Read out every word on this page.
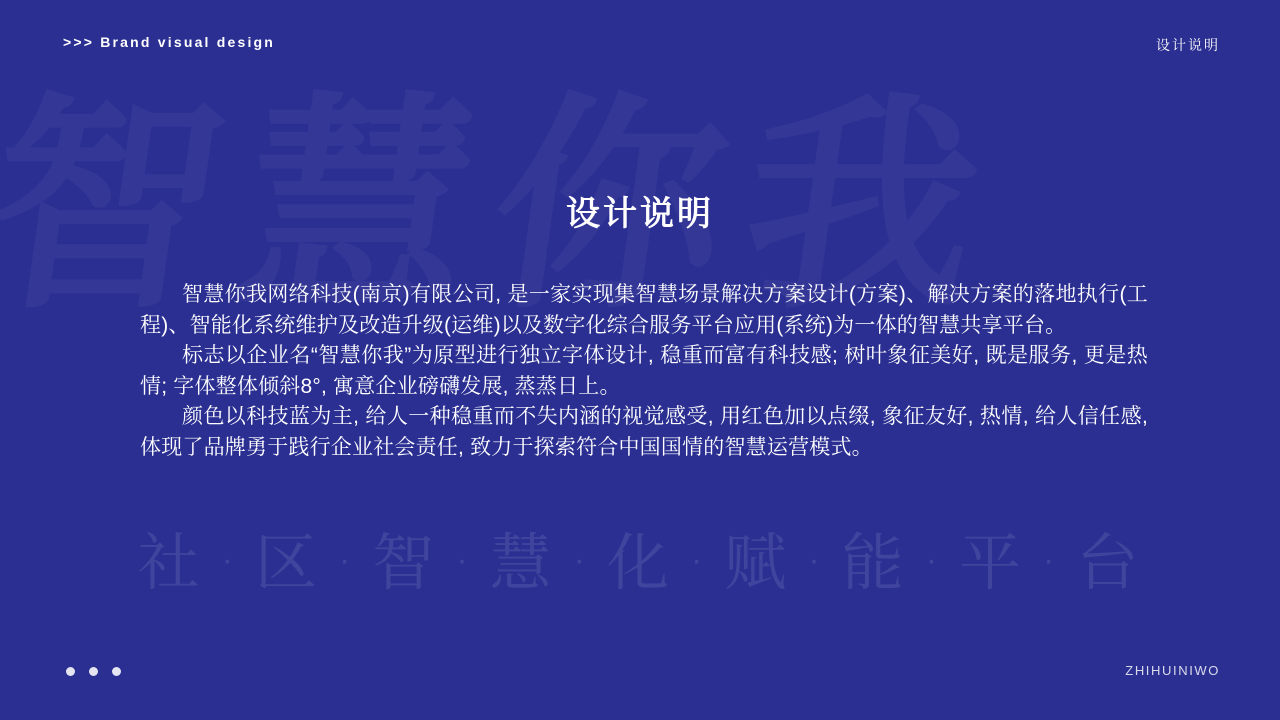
>>> Brand visual design	设计说明
设计说明

智慧你我网络科技(南京)有限公司, 是一家实现集智慧场景解决方案设计(方案)、解决方案的落地执行(工程)、智能化系统维护及改造升级(运维)以及数字化综合服务平台应用(系统)为一体的智慧共享平台。

标志以企业名“智慧你我”为原型进行独立字体设计, 稳重而富有科技感; 树叶象征美好, 既是服务, 更是热情; 字体整体倾斜8°, 寓意企业磅礴发展, 蒸蒸日上。

颜色以科技蓝为主, 给人一种稳重而不失内涵的视觉感受, 用红色加以点缀, 象征友好, 热情, 给人信任感, 体现了品牌勇于践行企业社会责任, 致力于探索符合中国国情的智慧运营模式。

社 · 区 · 智 · 慧 · 化 · 赋 · 能 · 平 · 台
ZHIHUINIWO
